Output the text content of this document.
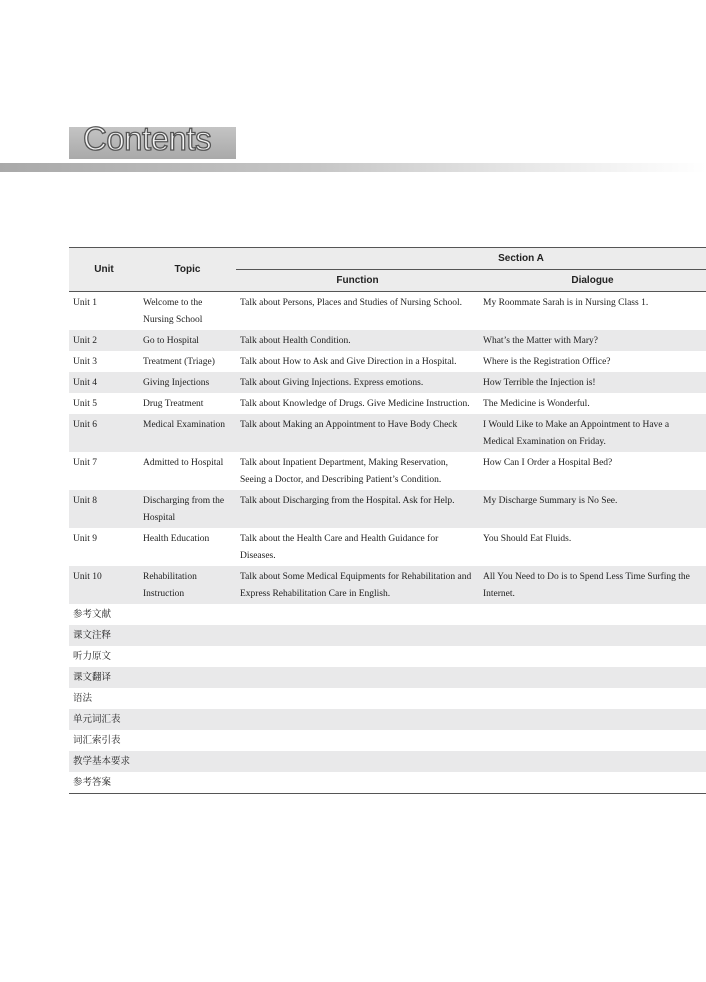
Contents
Unit	Topic	Section A	
		Function	Dialogue
Unit 1	Welcome to the Nursing School	Talk about Persons, Places and Studies of Nursing School.	My Roommate Sarah is in Nursing Class 1.
Unit 2	Go to Hospital	Talk about Health Condition.	What’s the Matter with Mary?
Unit 3	Treatment (Triage)	Talk about How to Ask and Give Direction in a Hospital.	Where is the Registration Office?
Unit 4	Giving Injections	Talk about Giving Injections. Express emotions.	How Terrible the Injection is!
Unit 5	Drug Treatment	Talk about Knowledge of Drugs. Give Medicine Instruction.	The Medicine is Wonderful.
Unit 6	Medical Examination	Talk about Making an Appointment to Have Body Check	I Would Like to Make an Appointment to Have a Medical Examination on Friday.
Unit 7	Admitted to Hospital	Talk about Inpatient Department, Making Reservation, Seeing a Doctor, and Describing Patient’s Condition.	How Can I Order a Hospital Bed?
Unit 8	Discharging from the Hospital	Talk about Discharging from the Hospital. Ask for Help.	My Discharge Summary is No See.
Unit 9	Health Education	Talk about the Health Care and Health Guidance for Diseases.	You Should Eat Fluids.
Unit 10	Rehabilitation Instruction	Talk about Some Medical Equipments for Rehabilitation and Express Rehabilitation Care in English.	All You Need to Do is to Spend Less Time Surfing the Internet.
参考文献			
课文注释			
听力原文			
课文翻译			
语法			
单元词汇表			
词汇索引表			
教学基本要求			
参考答案			
